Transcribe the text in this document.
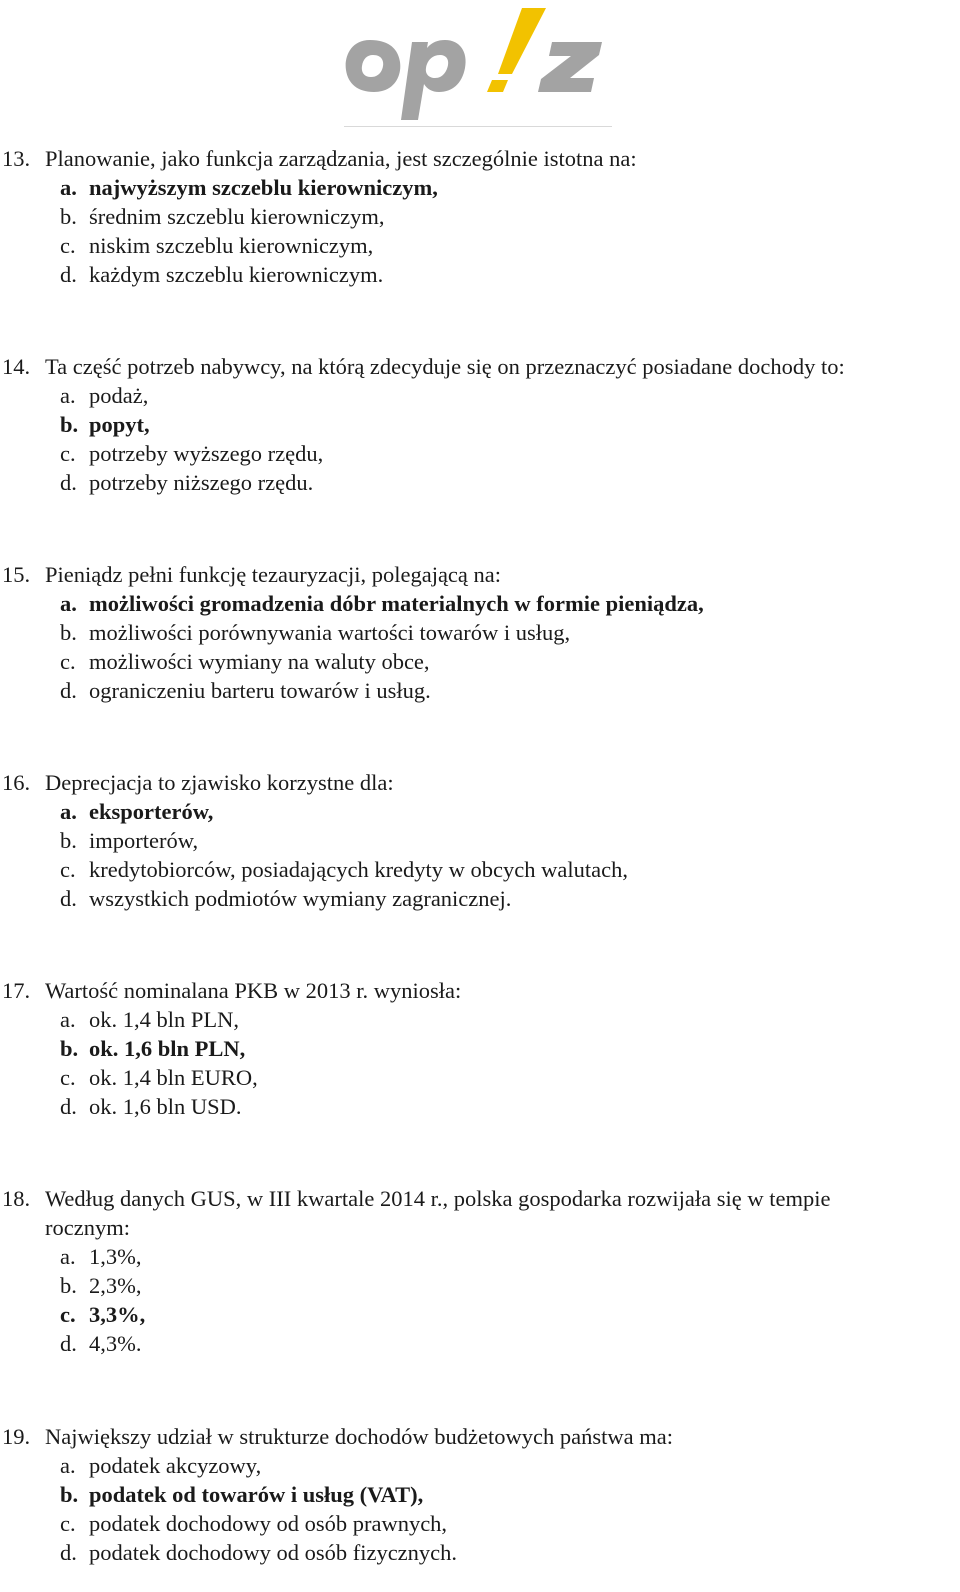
13. Planowanie, jako funkcja zarządzania, jest szczególnie istotna na:
a. najwyższym szczeblu kierowniczym,
b. średnim szczeblu kierowniczym,
c. niskim szczeblu kierowniczym,
d. każdym szczeblu kierowniczym.
14. Ta część potrzeb nabywcy, na którą zdecyduje się on przeznaczyć posiadane dochody to:
a. podaż,
b. popyt,
c. potrzeby wyższego rzędu,
d. potrzeby niższego rzędu.
15. Pieniądz pełni funkcję tezauryzacji, polegającą na:
a. możliwości gromadzenia dóbr materialnych w formie pieniądza,
b. możliwości porównywania wartości towarów i usług,
c. możliwości wymiany na waluty obce,
d. ograniczeniu barteru towarów i usług.
16. Deprecjacja to zjawisko korzystne dla:
a. eksporterów,
b. importerów,
c. kredytobiorców, posiadających kredyty w obcych walutach,
d. wszystkich podmiotów wymiany zagranicznej.
17. Wartość nominalana PKB w 2013 r. wyniosła:
a. ok. 1,4 bln PLN,
b. ok. 1,6 bln PLN,
c. ok. 1,4 bln EURO,
d. ok. 1,6 bln USD.
18. Według danych GUS, w III kwartale 2014 r., polska gospodarka rozwijała się w tempie
rocznym:
a. 1,3%,
b. 2,3%,
c. 3,3%,
d. 4,3%.
19. Największy udział w strukturze dochodów budżetowych państwa ma:
a. podatek akcyzowy,
b. podatek od towarów i usług (VAT),
c. podatek dochodowy od osób prawnych,
d. podatek dochodowy od osób fizycznych.
